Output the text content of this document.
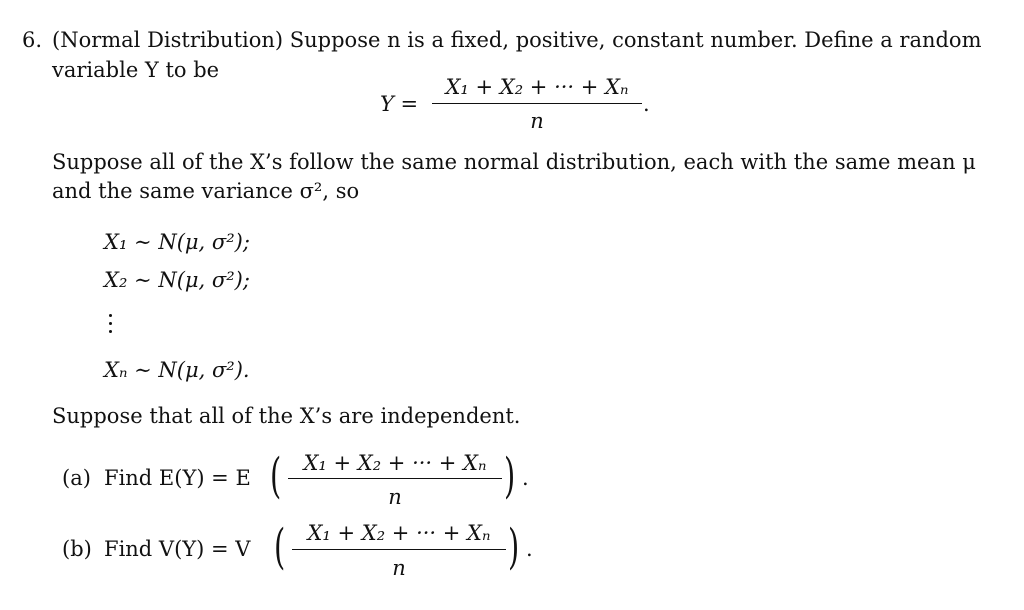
6. (Normal Distribution) Suppose n is a fixed, positive, constant number. Define a random
variable Y to be
Y =
X₁ + X₂ + ··· + Xₙ
n
.
Suppose all of the X’s follow the same normal distribution, each with the same mean μ
and the same variance σ², so
X₁ ∼ N(μ, σ²);
X₂ ∼ N(μ, σ²);
Xₙ ∼ N(μ, σ²).
Suppose that all of the X’s are independent.
(a) Find E(Y) = E (	X₁ + X₂ + ··· + Xₙ
n	) .
(b) Find V(Y) = V (	X₁ + X₂ + ··· + Xₙ
n	) .
